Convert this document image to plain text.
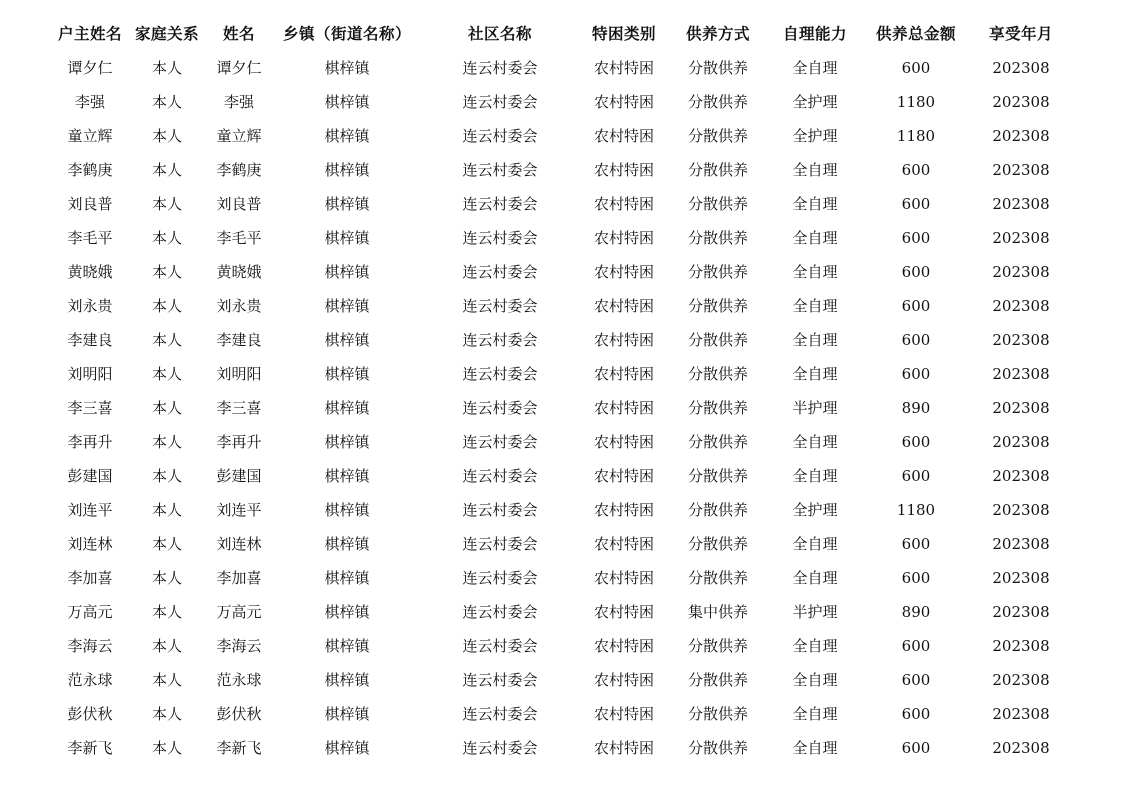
户主姓名	家庭关系	姓名	乡镇（街道名称）	社区名称	特困类别	供养方式	自理能力	供养总金额	享受年月
谭夕仁	本人	谭夕仁	棋梓镇	连云村委会	农村特困	分散供养	全自理	600	202308
李强	本人	李强	棋梓镇	连云村委会	农村特困	分散供养	全护理	1180	202308
童立辉	本人	童立辉	棋梓镇	连云村委会	农村特困	分散供养	全护理	1180	202308
李鹤庚	本人	李鹤庚	棋梓镇	连云村委会	农村特困	分散供养	全自理	600	202308
刘良普	本人	刘良普	棋梓镇	连云村委会	农村特困	分散供养	全自理	600	202308
李毛平	本人	李毛平	棋梓镇	连云村委会	农村特困	分散供养	全自理	600	202308
黄晓娥	本人	黄晓娥	棋梓镇	连云村委会	农村特困	分散供养	全自理	600	202308
刘永贵	本人	刘永贵	棋梓镇	连云村委会	农村特困	分散供养	全自理	600	202308
李建良	本人	李建良	棋梓镇	连云村委会	农村特困	分散供养	全自理	600	202308
刘明阳	本人	刘明阳	棋梓镇	连云村委会	农村特困	分散供养	全自理	600	202308
李三喜	本人	李三喜	棋梓镇	连云村委会	农村特困	分散供养	半护理	890	202308
李再升	本人	李再升	棋梓镇	连云村委会	农村特困	分散供养	全自理	600	202308
彭建国	本人	彭建国	棋梓镇	连云村委会	农村特困	分散供养	全自理	600	202308
刘连平	本人	刘连平	棋梓镇	连云村委会	农村特困	分散供养	全护理	1180	202308
刘连林	本人	刘连林	棋梓镇	连云村委会	农村特困	分散供养	全自理	600	202308
李加喜	本人	李加喜	棋梓镇	连云村委会	农村特困	分散供养	全自理	600	202308
万高元	本人	万高元	棋梓镇	连云村委会	农村特困	集中供养	半护理	890	202308
李海云	本人	李海云	棋梓镇	连云村委会	农村特困	分散供养	全自理	600	202308
范永球	本人	范永球	棋梓镇	连云村委会	农村特困	分散供养	全自理	600	202308
彭伏秋	本人	彭伏秋	棋梓镇	连云村委会	农村特困	分散供养	全自理	600	202308
李新飞	本人	李新飞	棋梓镇	连云村委会	农村特困	分散供养	全自理	600	202308
